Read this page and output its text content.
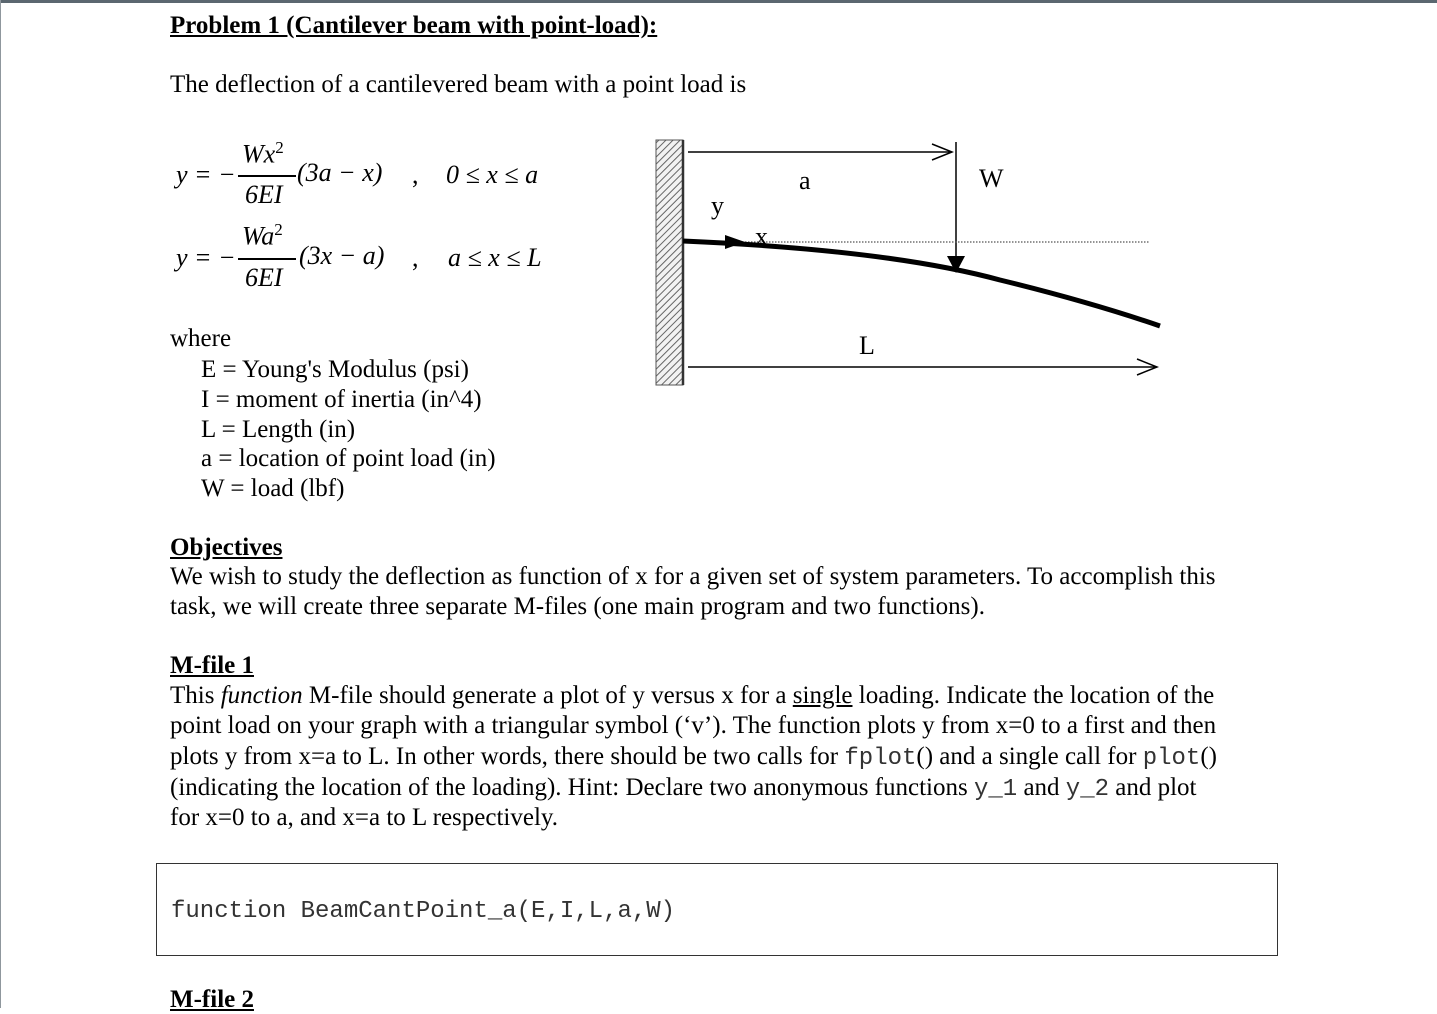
Problem 1 (Cantilever beam with point-load):
The deflection of a cantilevered beam with a point load is
y = −
$Wx^2$
6EI
(3a − x) , 0 ≤ x ≤ a
y = −
$Wa^2$
6EI
(3x − a) , a ≤ x ≤ L
y
x
a	W
L
where
E = Young's Modulus (psi)
I = moment of inertia (in^4)
L = Length (in)
a = location of point load (in)
W = load (lbf)
Objectives
We wish to study the deflection as function of x for a given set of system parameters. To accomplish this
task, we will create three separate M-files (one main program and two functions).
M-file 1
This function M-file should generate a plot of y versus x for a single loading. Indicate the location of the
point load on your graph with a triangular symbol (‘v’). The function plots y from x=0 to a first and then
plots y from x=a to L. In other words, there should be two calls for fplot() and a single call for plot()
(indicating the location of the loading). Hint: Declare two anonymous functions y_1 and y_2 and plot
for x=0 to a, and x=a to L respectively.
function BeamCantPoint_a(E,I,L,a,W)
M-file 2
